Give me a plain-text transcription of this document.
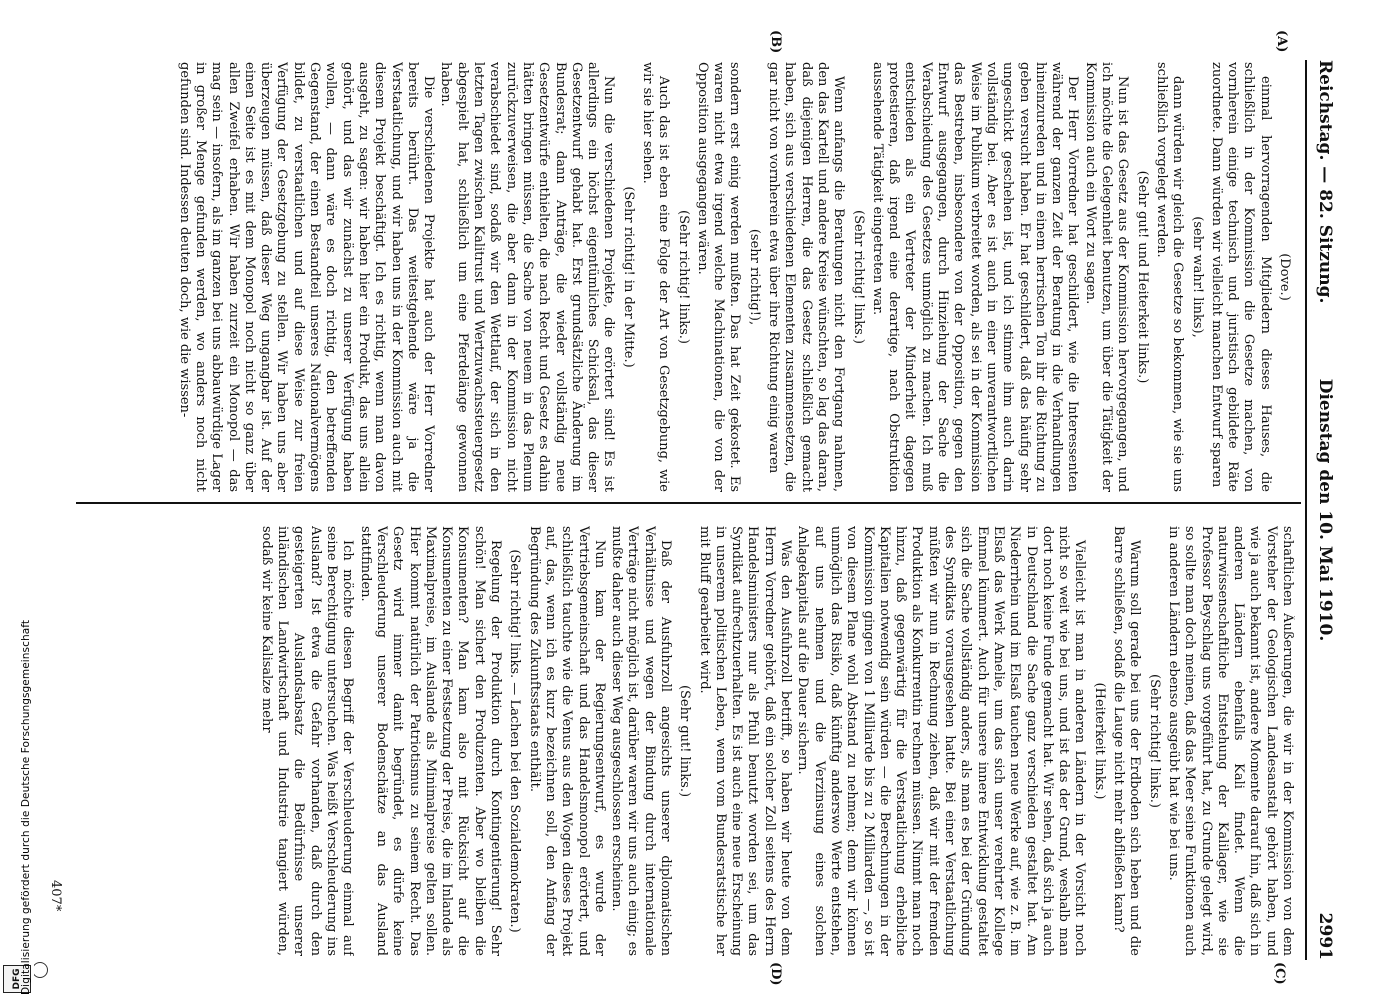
Reichstag. — 82. Sitzung.
Dienstag den 10. Mai 1910.
2991
(A)
(B)
(C)
(D)

(Dove.)

einmal hervorragenden Mitgliedern dieses Hauses, die schließlich in der Kommission die Gesetze machen, von vornherein einige technisch und juristisch gebildete Räte zuordnete. Dann würden wir vielleicht manchen Entwurf sparen

(sehr wahr! links),

dann würden wir gleich die Gesetze so bekommen, wie sie uns schließlich vorgelegt werden.

(Sehr gut! und Heiterkeit links.)

Nun ist das Gesetz aus der Kommission hervorgegangen, und ich möchte die Gelegenheit benutzen, um über die Tätigkeit der Kommission auch ein Wort zu sagen.

Der Herr Vorredner hat geschildert, wie die Interessenten während der ganzen Zeit der Beratung in die Verhandlungen hineinzureden und in einem herrischen Ton ihr die Richtung zu geben versucht haben. Er hat geschildert, daß das häufig sehr ungeschickt geschehen ist, und ich stimme ihm auch darin vollständig bei. Aber es ist auch in einer unverantwortlichen Weise im Publikum verbreitet worden, als sei in der Kommission das Bestreben, insbesondere von der Opposition, gegen den Entwurf ausgegangen, durch Hinziehung der Sache die Verabschiedung des Gesetzes unmöglich zu machen. Ich muß entschieden als ein Vertreter der Minderheit dagegen protestieren, daß irgend eine derartige, nach Obstruktion aussehende Tätigkeit eingetreten war.

(Sehr richtig! links.)

Wenn anfangs die Beratungen nicht den Fortgang nahmen, den das Kartell und andere Kreise wünschten, so lag das daran, daß diejenigen Herren, die das Gesetz schließlich gemacht haben, sich aus verschiedenen Elementen zusammensetzen, die gar nicht von vornherein etwa über ihre Richtung einig waren

(sehr richtig!),

sondern erst einig werden mußten. Das hat Zeit gekostet. Es waren nicht etwa irgend welche Machinationen, die von der Opposition ausgegangen wären.

(Sehr richtig! links.)

Auch das ist eben eine Folge der Art von Gesetzgebung, wie wir sie hier sehen.

(Sehr richtig! in der Mitte.)

Nun die verschiedenen Projekte, die erörtert sind! Es ist allerdings ein höchst eigentümliches Schicksal, das dieser Gesetzentwurf gehabt hat. Erst grundsätzliche Änderung im Bundesrat; dann Anträge, die wieder vollständig neue Gesetzentwürfe enthielten, die nach Recht und Gesetz es dahin hätten bringen müssen, die Sache von neuem in das Plenum zurückzuverweisen, die aber dann in der Kommission nicht verabschiedet sind, sodaß wir den Wettlauf, der sich in den letzten Tagen zwischen Kalitrust und Wertzuwachssteuergesetz abgespielt hat, schließlich um eine Pferdelänge gewonnen haben.

Die verschiedenen Projekte hat auch der Herr Vorredner bereits berührt. Das weitestgehende wäre ja die Verstaatlichung, und wir haben uns in der Kommission auch mit diesem Projekt beschäftigt. Ich es richtig, wenn man davon ausgeht, zu sagen: wir haben hier ein Produkt, das uns allein gehört, und das wir zunächst zu unserer Verfügung haben wollen, — dann wäre es doch richtig, den betreffenden Gegenstand, der einen Bestandteil unseres Nationalvermögens bildet, zu verstaatlichen und auf diese Weise zur freien Verfügung der Gesetzgebung zu stellen. Wir haben uns aber überzeugen müssen, daß dieser Weg ungangbar ist. Auf der einen Seite ist es mit dem Monopol noch nicht so ganz über allen Zweifel erhaben. Wir haben zurzeit ein Monopol — das mag sein — insofern, als im ganzen bei uns abbauwürdige Lager in großer Menge gefunden werden, wo anders noch nicht gefunden sind. Indessen deuten doch, wie die wissen-

schaftlichen Äußerungen, die wir in der Kommission von dem Vorsteher der Geologischen Landesanstalt gehört haben, und wie ja auch bekannt ist, andere Momente darauf hin, daß sich in anderen Ländern ebenfalls Kali findet. Wenn die naturwissenschaftliche Entstehung der Kalilager, wie sie Professor Beyschlag uns vorgeführt hat, zu Grunde gelegt wird, so sollte man doch meinen, daß das Meer seine Funktionen auch in anderen Ländern ebenso ausgeübt hat wie bei uns.

(Sehr richtig! links.)

Warum soll gerade bei uns der Erdboden sich heben und die Barre schließen, sodaß die Lauge nicht mehr abfließen kann?

(Heiterkeit links.)

Vielleicht ist man in anderen Ländern in der Vorsicht noch nicht so weit wie bei uns, und ist das der Grund, weshalb man dort noch keine Funde gemacht hat. Wir sehen, daß sich ja auch in Deutschland die Sache ganz verschieden gestaltet hat. Am Niederrhein und im Elsaß tauchen neue Werke auf, wie z. B. im Elsaß das Werk Amelie, um das sich unser verehrter Kollege Emmel kümmert. Auch für unsere innere Entwicklung gestaltet sich die Sache vollständig anders, als man es bei der Gründung des Syndikats vorausgesehen hatte. Bei einer Verstaatlichung müßten wir nun in Rechnung ziehen, daß wir mit der fremden Produktion als Konkurrentin rechnen müssen. Nimmt man noch hinzu, daß gegenwärtig für die Verstaatlichung erhebliche Kapitalien notwendig sein würden — die Berechnungen in der Kommission gingen von 1 Milliarde bis zu 2 Milliarden —, so ist von diesem Plane wohl Abstand zu nehmen; denn wir können unmöglich das Risiko, daß künftig anderswo Werte entstehen, auf uns nehmen und die Verzinsung eines solchen Anlagekapitals auf die Dauer sichern.

Was den Ausfuhrzoll betrifft, so haben wir heute von dem Herrn Vorredner gehört, daß ein solcher Zoll seitens des Herrn Handelsministers nur als Pfuhl benutzt worden sei, um das Syndikat aufrechtzuerhalten. Es ist auch eine neue Erscheinung in unserem politischen Leben, wenn vom Bundesratstische her mit Bluff gearbeitet wird.

(Sehr gut! links.)

Daß der Ausfuhrzoll angesichts unserer diplomatischen Verhältnisse und wegen der Bindung durch internationale Verträge nicht möglich ist, darüber waren wir uns auch einig; es mußte daher auch dieser Weg ausgeschlossen erscheinen.

Nun kam der Regierungsentwurf, es wurde der Vertriebsgemeinschaft und das Handelsmonopol erörtert, und schließlich tauchte wie die Venus aus den Wogen dieses Projekt auf, das, wenn ich es kurz bezeichnen soll, den Anfang der Begründung des Zukunftsstaats enthält.

(Sehr richtig! links. — Lachen bei den Sozialdemokraten.)

Regelung der Produktion durch Kontingentierung! Sehr schön! Man sichert den Produzenten. Aber wo bleiben die Konsumenten? Man kam also mit Rücksicht auf die Konsumenten zu einer Festsetzung der Preise, die im Inlande als Maximalpreise, im Auslande als Minimalpreise gelten sollen. Hier kommt natürlich der Patriotismus zu seinem Recht. Das Gesetz wird immer damit begründet, es dürfe keine Verschleuderung unserer Bodenschätze an das Ausland stattfinden.

Ich möchte diesen Begriff der Verschleuderung einmal auf seine Berechtigung untersuchen. Was heißt Verschleuderung ins Ausland? Ist etwa die Gefahr vorhanden, daß durch den gesteigerten Auslandsabsatz die Bedürfnisse unserer inländischen Landwirtschaft und Industrie tangiert würden, sodaß wir keine Kalisalze mehr

407*
DFG
Digitalisierung gefördert durch die Deutsche Forschungsgemeinschaft
